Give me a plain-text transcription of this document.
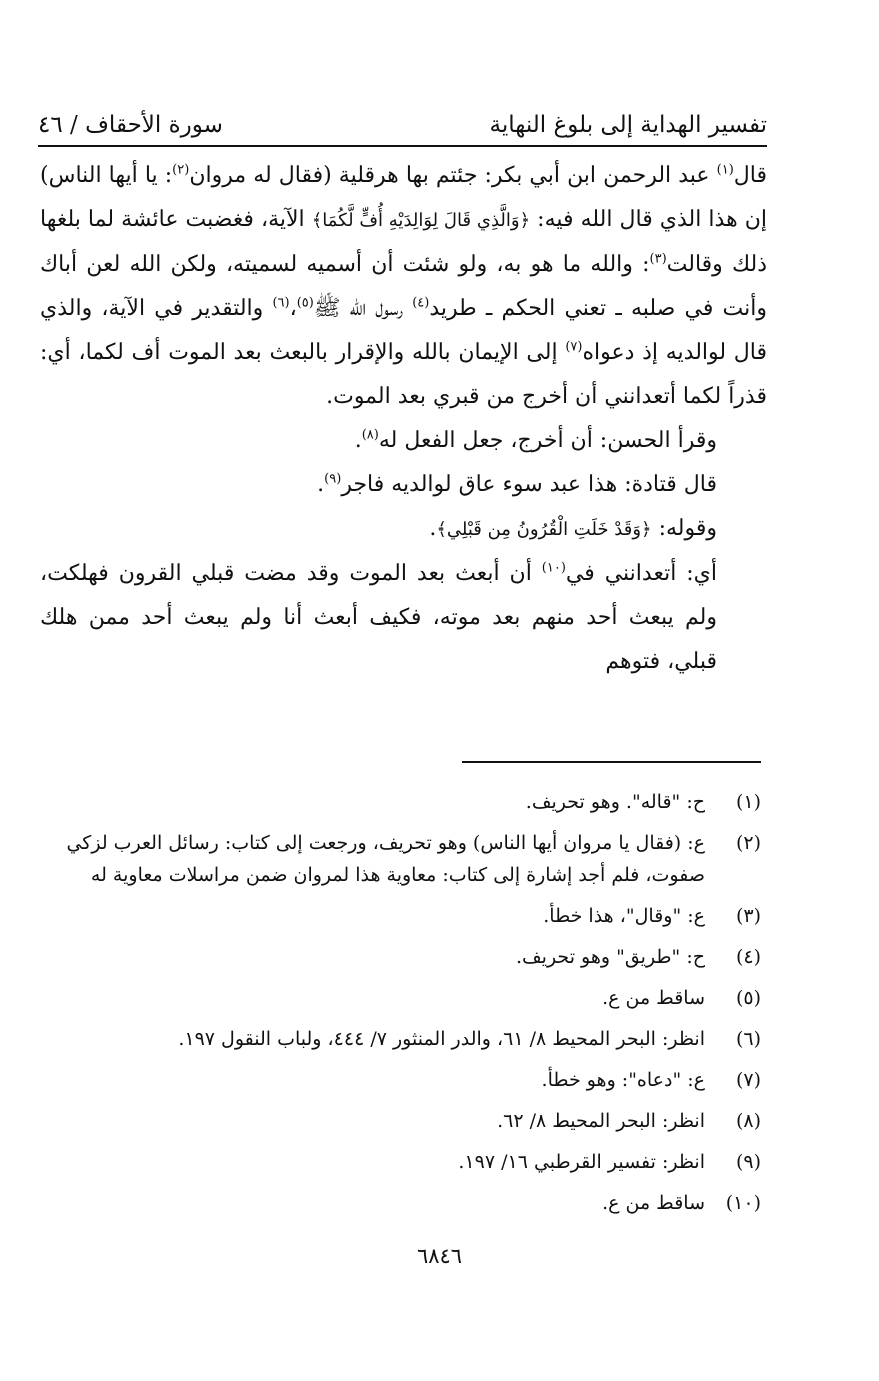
تفسير الهداية إلى بلوغ النهاية
سورة الأحقاف / ٤٦

قال$^{(١)}$ عبد الرحمن ابن أبي بكر: جئتم بها هرقلية (فقال له مروان$^{(٢)}$: يا أيها الناس) إن هذا الذي قال الله فيه: ﴿وَالَّذِي قَالَ لِوَالِدَيْهِ أُفٍّ لَّكُمَا﴾ الآية، فغضبت عائشة لما بلغها ذلك وقالت$^{(٣)}$: والله ما هو به، ولو شئت أن أسميه لسميته، ولكن الله لعن أباك وأنت في صلبه ـ تعني الحكم ـ طريد$^{(٤)}$ رسول الله ﷺ$^{(٥)}$،$^{(٦)}$ والتقدير في الآية، والذي قال لوالديه إذ دعواه$^{(٧)}$ إلى الإيمان بالله والإقرار بالبعث بعد الموت أف لكما، أي: قذراً لكما أتعدانني أن أخرج من قبري بعد الموت.

وقرأ الحسن: أن أخرج، جعل الفعل له$^{(٨)}$.

قال قتادة: هذا عبد سوء عاق لوالديه فاجر$^{(٩)}$.

وقوله: ﴿وَقَدْ خَلَتِ الْقُرُونُ مِن قَبْلِي﴾.

أي: أتعدانني في$^{(١٠)}$ أن أبعث بعد الموت وقد مضت قبلي القرون فهلكت، ولم يبعث أحد منهم بعد موته، فكيف أبعث أنا ولم يبعث أحد ممن هلك قبلي، فتوهم

(١)
ح: "قاله". وهو تحريف.
(٢)
ع: (فقال يا مروان أيها الناس) وهو تحريف، ورجعت إلى كتاب: رسائل العرب لزكي صفوت، فلم أجد إشارة إلى كتاب: معاوية هذا لمروان ضمن مراسلات معاوية له
(٣)
ع: "وقال"، هذا خطأ.
(٤)
ح: "طريق" وهو تحريف.
(٥)
ساقط من ع.
(٦)
انظر: البحر المحيط ٨/ ٦١، والدر المنثور ٧/ ٤٤٤، ولباب النقول ١٩٧.
(٧)
ع: "دعاه": وهو خطأ.
(٨)
انظر: البحر المحيط ٨/ ٦٢.
(٩)
انظر: تفسير القرطبي ١٦/ ١٩٧.
(١٠)
ساقط من ع.
٦٨٤٦
